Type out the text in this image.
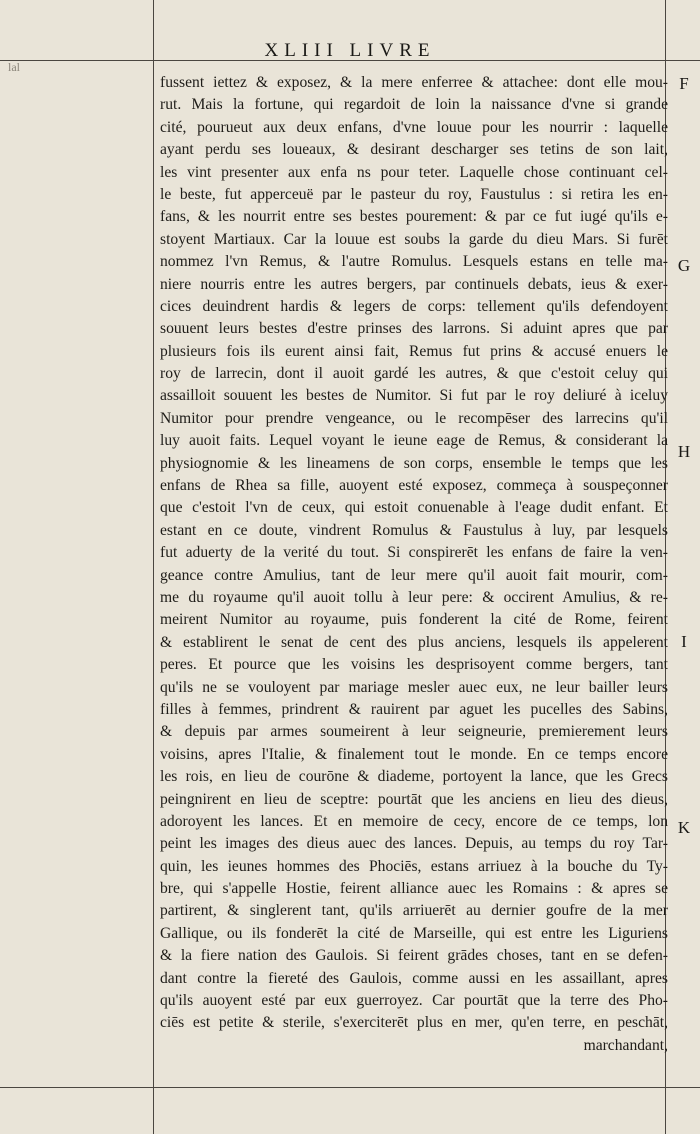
lal
XLIII LIVRE
fussent iettez & exposez, & la mere enferree & attachee: dont elle mou-
rut. Mais la fortune, qui regardoit de loin la naissance d'vne si grande
cité, pourueut aux deux enfans, d'vne louue pour les nourrir : laquelle
ayant perdu ses loueaux, & desirant descharger ses tetins de son lait,
les vint presenter aux enfa ns pour teter. Laquelle chose continuant cel-
le beste, fut apperceuë par le pasteur du roy, Faustulus : si retira les en-
fans, & les nourrit entre ses bestes pourement: & par ce fut iugé qu'ils e-
stoyent Martiaux. Car la louue est soubs la garde du dieu Mars. Si furēt
nommez l'vn Remus, & l'autre Romulus. Lesquels estans en telle ma-
niere nourris entre les autres bergers, par continuels debats, ieus & exer-
cices deuindrent hardis & legers de corps: tellement qu'ils defendoyent
souuent leurs bestes d'estre prinses des larrons. Si aduint apres que par
plusieurs fois ils eurent ainsi fait, Remus fut prins & accusé enuers le
roy de larrecin, dont il auoit gardé les autres, & que c'estoit celuy qui
assailloit souuent les bestes de Numitor. Si fut par le roy deliuré à iceluy
Numitor pour prendre vengeance, ou le recompēser des larrecins qu'il
luy auoit faits. Lequel voyant le ieune eage de Remus, & considerant la
physiognomie & les lineamens de son corps, ensemble le temps que les
enfans de Rhea sa fille, auoyent esté exposez, commeça à souspeçonner
que c'estoit l'vn de ceux, qui estoit conuenable à l'eage dudit enfant. Et
estant en ce doute, vindrent Romulus & Faustulus à luy, par lesquels
fut aduerty de la verité du tout. Si conspirerēt les enfans de faire la ven-
geance contre Amulius, tant de leur mere qu'il auoit fait mourir, com-
me du royaume qu'il auoit tollu à leur pere: & occirent Amulius, & re-
meirent Numitor au royaume, puis fonderent la cité de Rome, feirent
& establirent le senat de cent des plus anciens, lesquels ils appelerent
peres. Et pource que les voisins les desprisoyent comme bergers, tant
qu'ils ne se vouloyent par mariage mesler auec eux, ne leur bailler leurs
filles à femmes, prindrent & rauirent par aguet les pucelles des Sabins,
& depuis par armes soumeirent à leur seigneurie, premierement leurs
voisins, apres l'Italie, & finalement tout le monde. En ce temps encore
les rois, en lieu de courōne & diademe, portoyent la lance, que les Grecs
peingnirent en lieu de sceptre: pourtāt que les anciens en lieu des dieus,
adoroyent les lances. Et en memoire de cecy, encore de ce temps, lon
peint les images des dieus auec des lances. Depuis, au temps du roy Tar-
quin, les ieunes hommes des Phociēs, estans arriuez à la bouche du Ty-
bre, qui s'appelle Hostie, feirent alliance auec les Romains : & apres se
partirent, & singlerent tant, qu'ils arriuerēt au dernier goufre de la mer
Gallique, ou ils fonderēt la cité de Marseille, qui est entre les Liguriens
& la fiere nation des Gaulois. Si feirent grādes choses, tant en se defen-
dant contre la fiereté des Gaulois, comme aussi en les assaillant, apres
qu'ils auoyent esté par eux guerroyez. Car pourtāt que la terre des Pho-
ciēs est petite & sterile, s'exerciterēt plus en mer, qu'en terre, en peschāt,
marchandant,
F
G
H
I
K
